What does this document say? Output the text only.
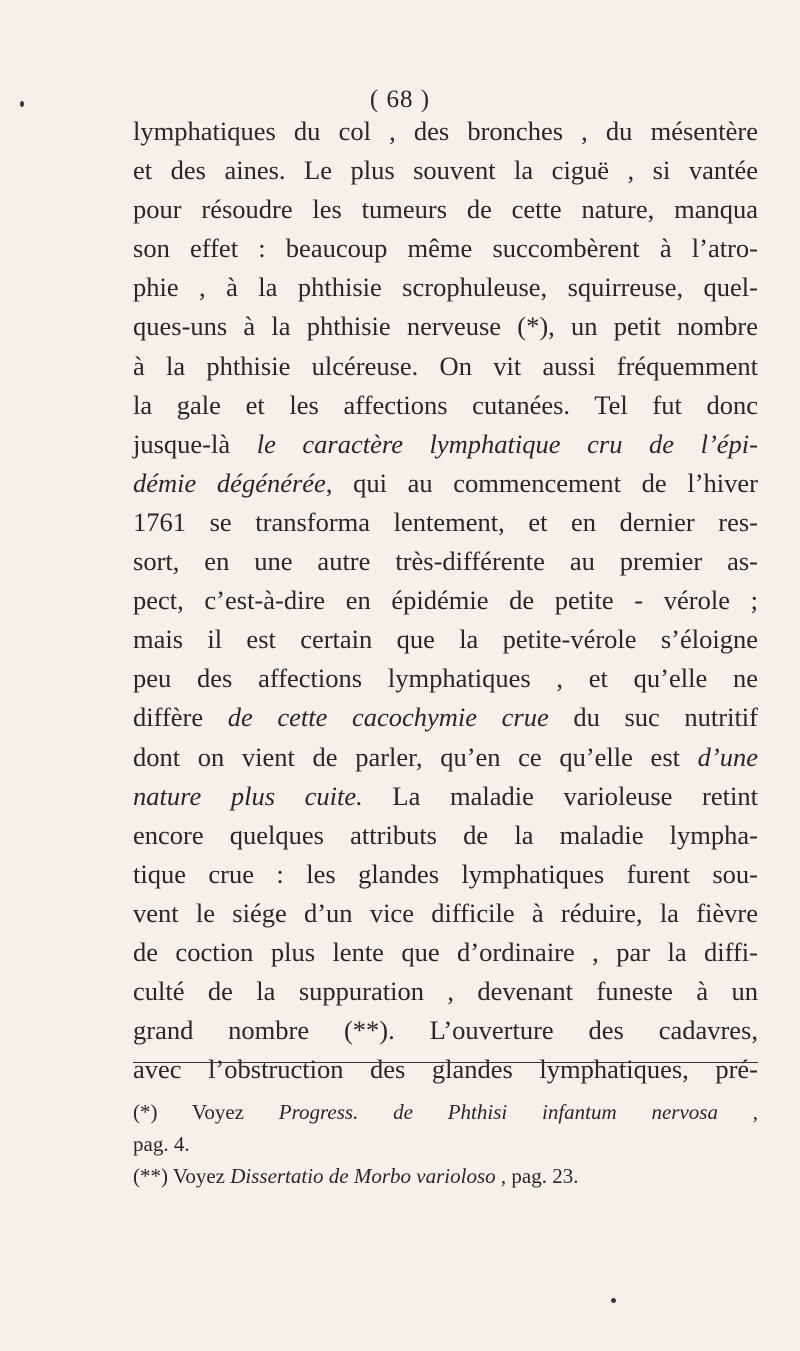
( 68 )
lymphatiques du col , des bronches , du mésentère
et des aines. Le plus souvent la ciguë , si vantée
pour résoudre les tumeurs de cette nature, manqua
son effet : beaucoup même succombèrent à l’atro-
phie , à la phthisie scrophuleuse, squirreuse, quel-
ques-uns à la phthisie nerveuse (*), un petit nombre
à la phthisie ulcéreuse. On vit aussi fréquemment
la gale et les affections cutanées. Tel fut donc
jusque-là le caractère lymphatique cru de l’épi-
démie dégénérée, qui au commencement de l’hiver
1761 se transforma lentement, et en dernier res-
sort, en une autre très-différente au premier as-
pect, c’est-à-dire en épidémie de petite - vérole ;
mais il est certain que la petite-vérole s’éloigne
peu des affections lymphatiques , et qu’elle ne
diffère de cette cacochymie crue du suc nutritif
dont on vient de parler, qu’en ce qu’elle est d’une
nature plus cuite. La maladie varioleuse retint
encore quelques attributs de la maladie lympha-
tique crue : les glandes lymphatiques furent sou-
vent le siége d’un vice difficile à réduire, la fièvre
de coction plus lente que d’ordinaire , par la diffi-
culté de la suppuration , devenant funeste à un
grand nombre (**). L’ouverture des cadavres,
avec l’obstruction des glandes lymphatiques, pré-
(*) Voyez Progress. de Phthisi infantum nervosa ,
pag. 4.
(**) Voyez Dissertatio de Morbo varioloso , pag. 23.
